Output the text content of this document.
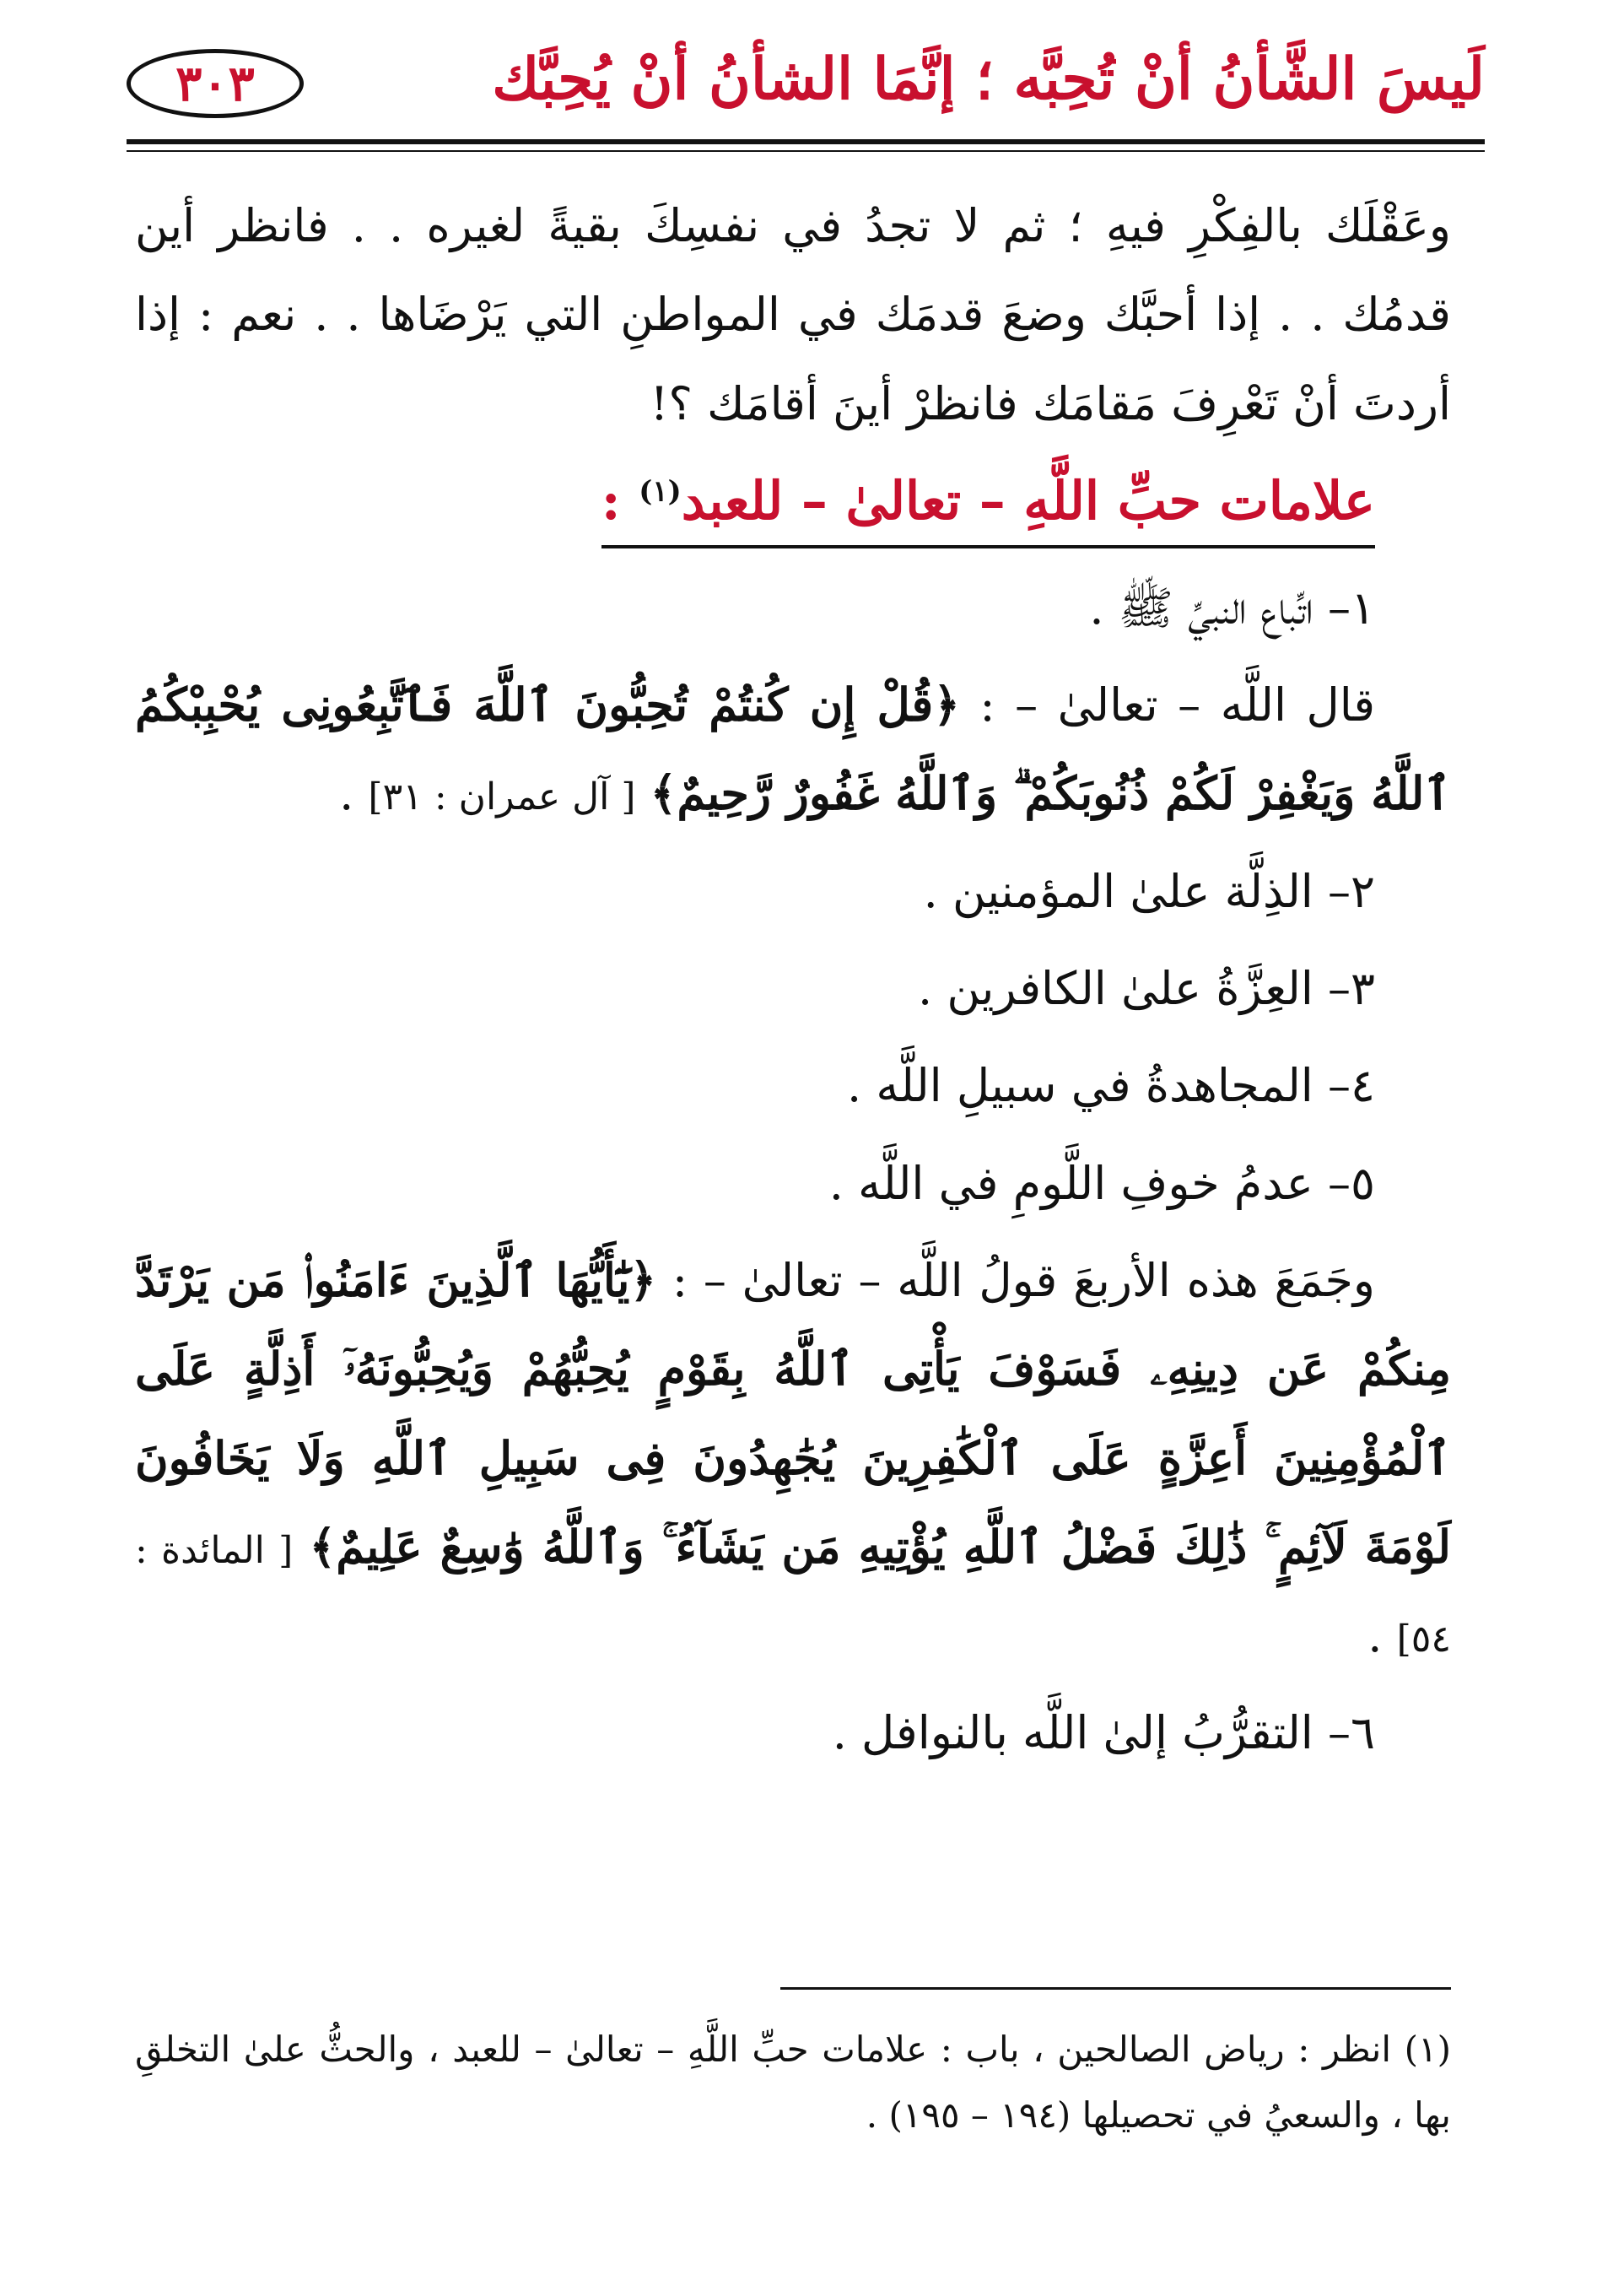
لَيسَ الشَّأنُ أنْ تُحِبَّه ؛ إنَّمَا الشأنُ أنْ يُحِبَّك
٣٠٣

وعَقْلَك بالفِكْرِ فيهِ ؛ ثم لا تجدُ في نفسِكَ بقيةً لغيره . . فانظر أين قدمُك . . إذا أحبَّك وضعَ قدمَك في المواطنِ التي يَرْضَاها . . نعم : إذا أردتَ أنْ تَعْرِفَ مَقامَك فانظرْ أينَ أقامَك ؟!

علامات حبِّ اللَّهِ – تعالىٰ – للعبد$^{(١)}$ :

١– اتِّباع النبيِّ ﷺ .

قال اللَّه – تعالىٰ – : ﴿قُلْ إِن كُنتُمْ تُحِبُّونَ ٱللَّهَ فَٱتَّبِعُونِى يُحْبِبْكُمُ ٱللَّهُ وَيَغْفِرْ لَكُمْ ذُنُوبَكُمْ ۗ وَٱللَّهُ غَفُورٌ رَّحِيمٌ﴾ [ آل عمران : ٣١] .

٢– الذِلَّة علىٰ المؤمنين .

٣– العِزَّةُ علىٰ الكافرين .

٤– المجاهدةُ في سبيلِ اللَّه .

٥– عدمُ خوفِ اللَّومِ في اللَّه .

وجَمَعَ هذه الأربعَ قولُ اللَّه – تعالىٰ – : ﴿يَٰٓأَيُّهَا ٱلَّذِينَ ءَامَنُوا۟ مَن يَرْتَدَّ مِنكُمْ عَن دِينِهِۦ فَسَوْفَ يَأْتِى ٱللَّهُ بِقَوْمٍ يُحِبُّهُمْ وَيُحِبُّونَهُۥٓ أَذِلَّةٍ عَلَى ٱلْمُؤْمِنِينَ أَعِزَّةٍ عَلَى ٱلْكَٰفِرِينَ يُجَٰهِدُونَ فِى سَبِيلِ ٱللَّهِ وَلَا يَخَافُونَ لَوْمَةَ لَآئِمٍ ۚ ذَٰلِكَ فَضْلُ ٱللَّهِ يُؤْتِيهِ مَن يَشَآءُ ۚ وَٱللَّهُ وَٰسِعٌ عَلِيمٌ﴾ [ المائدة : ٥٤] .

٦– التقرُّبُ إلىٰ اللَّه بالنوافل .

(١) انظر : رياض الصالحين ، باب : علامات حبِّ اللَّهِ – تعالىٰ – للعبد ، والحثُّ علىٰ التخلقِ بها ، والسعيُ في تحصيلها (١٩٤ – ١٩٥) .
